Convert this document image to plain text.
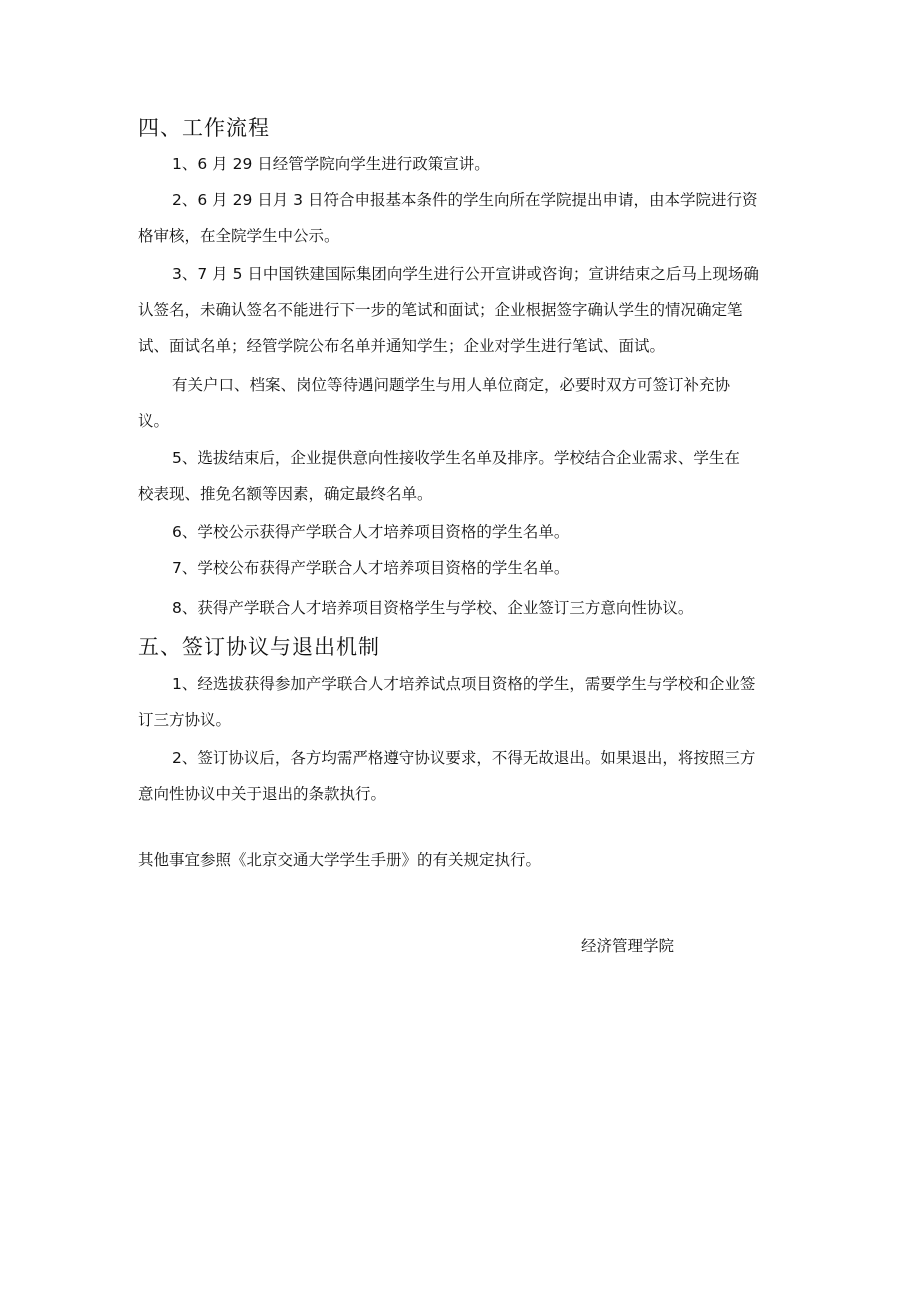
四、工作流程
1、6 月 29 日经管学院向学生进行政策宣讲。
2、6 月 29 日月 3 日符合申报基本条件的学生向所在学院提出申请，由本学院进行资
格审核，在全院学生中公示。
3、7 月 5 日中国铁建国际集团向学生进行公开宣讲或咨询；宣讲结束之后马上现场确
认签名，未确认签名不能进行下一步的笔试和面试；企业根据签字确认学生的情况确定笔
试、面试名单；经管学院公布名单并通知学生；企业对学生进行笔试、面试。
有关户口、档案、岗位等待遇问题学生与用人单位商定，必要时双方可签订补充协
议。
5、选拔结束后，企业提供意向性接收学生名单及排序。学校结合企业需求、学生在
校表现、推免名额等因素，确定最终名单。
6、学校公示获得产学联合人才培养项目资格的学生名单。
7、学校公布获得产学联合人才培养项目资格的学生名单。
8、获得产学联合人才培养项目资格学生与学校、企业签订三方意向性协议。
五、签订协议与退出机制
1、经选拔获得参加产学联合人才培养试点项目资格的学生，需要学生与学校和企业签
订三方协议。
2、签订协议后，各方均需严格遵守协议要求，不得无故退出。如果退出，将按照三方
意向性协议中关于退出的条款执行。
其他事宜参照《北京交通大学学生手册》的有关规定执行。
经济管理学院
